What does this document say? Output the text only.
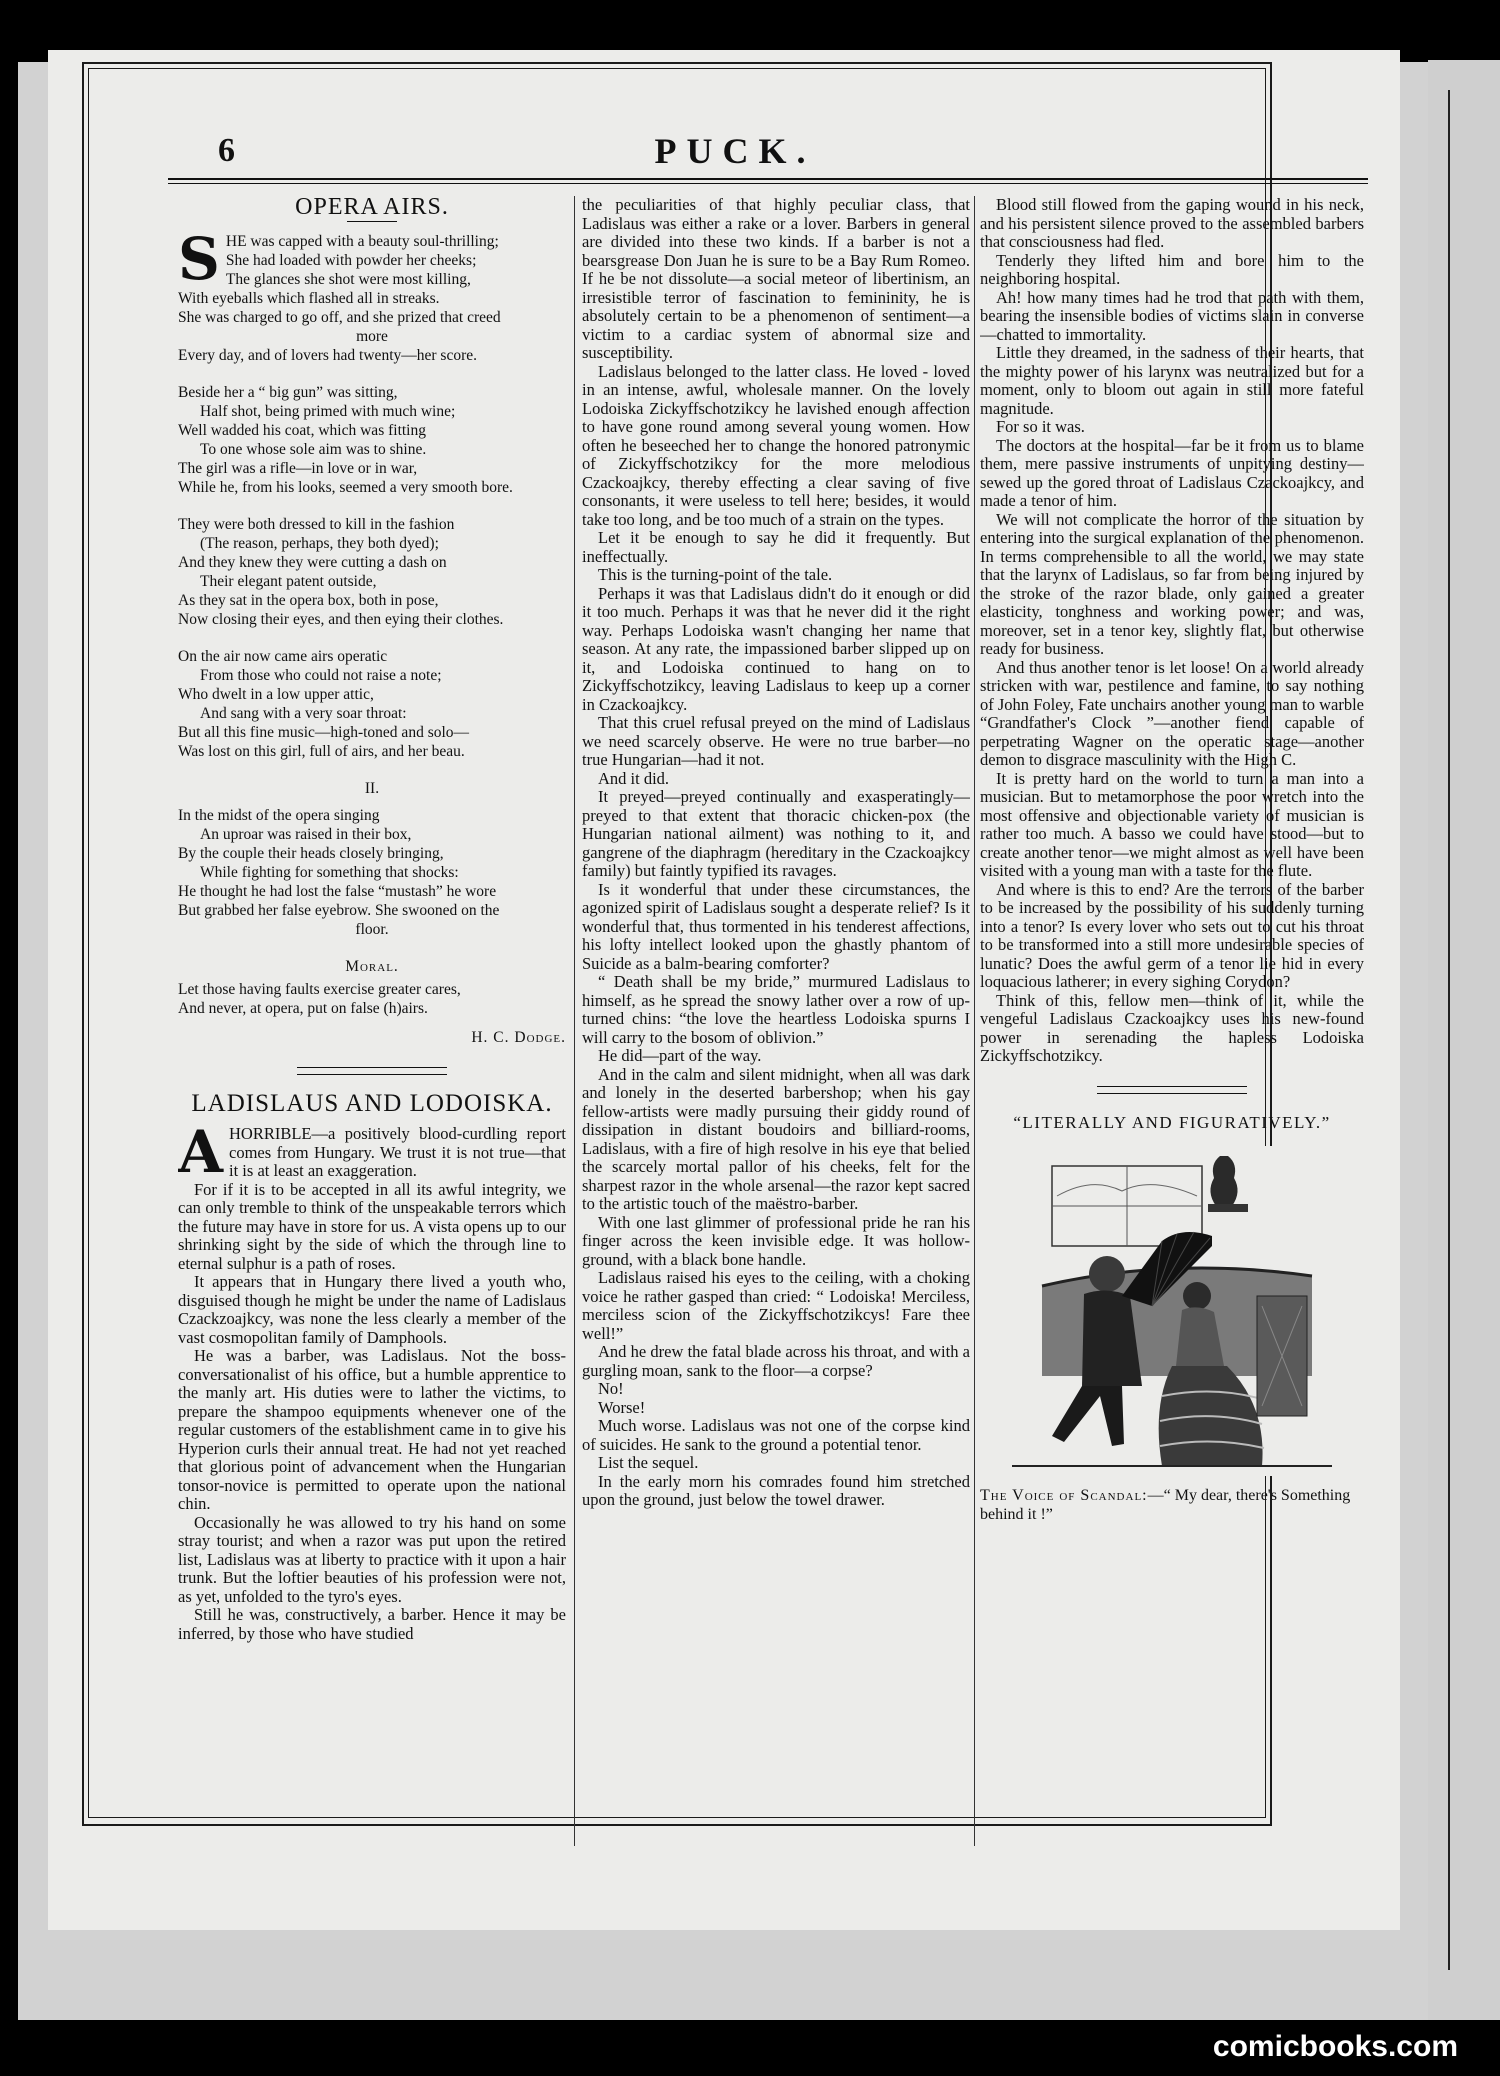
6	PUCK.
OPERA AIRS.
S HE was capped with a beauty soul-thrilling;
She had loaded with powder her cheeks;
The glances she shot were most killing,
With eyeballs which flashed all in streaks.
She was charged to go off, and she prized that creed
more
Every day, and of lovers had twenty—her score.
Beside her a “ big gun” was sitting,
Half shot, being primed with much wine;
Well wadded his coat, which was fitting
To one whose sole aim was to shine.
The girl was a rifle—in love or in war,
While he, from his looks, seemed a very smooth bore.
They were both dressed to kill in the fashion
(The reason, perhaps, they both dyed);
And they knew they were cutting a dash on
Their elegant patent outside,
As they sat in the opera box, both in pose,
Now closing their eyes, and then eying their clothes.
On the air now came airs operatic
From those who could not raise a note;
Who dwelt in a low upper attic,
And sang with a very soar throat:
But all this fine music—high-toned and solo—
Was lost on this girl, full of airs, and her beau.
II.
In the midst of the opera singing
An uproar was raised in their box,
By the couple their heads closely bringing,
While fighting for something that shocks:
He thought he had lost the false “mustash” he wore
But grabbed her false eyebrow. She swooned on the
floor.
Moral.
Let those having faults exercise greater cares,
And never, at opera, put on false (h)airs.
H. C. Dodge.
LADISLAUS AND LODOISKA.

AHORRIBLE—a positively blood-curdling report comes from Hungary. We trust it is not true—that it is at least an exaggeration.

For if it is to be accepted in all its awful integrity, we can only tremble to think of the unspeakable terrors which the future may have in store for us. A vista opens up to our shrinking sight by the side of which the through line to eternal sulphur is a path of roses.

It appears that in Hungary there lived a youth who, disguised though he might be under the name of Ladislaus Czackzoajkcy, was none the less clearly a member of the vast cosmopolitan family of Damphools.

He was a barber, was Ladislaus. Not the boss-conversationalist of his office, but a humble apprentice to the manly art. His duties were to lather the victims, to prepare the shampoo equipments whenever one of the regular customers of the establishment came in to give his Hyperion curls their annual treat. He had not yet reached that glorious point of advancement when the Hungarian tonsor-novice is permitted to operate upon the national chin.

Occasionally he was allowed to try his hand on some stray tourist; and when a razor was put upon the retired list, Ladislaus was at liberty to practice with it upon a hair trunk. But the loftier beauties of his profession were not, as yet, unfolded to the tyro's eyes.

Still he was, constructively, a barber. Hence it may be inferred, by those who have studied

the peculiarities of that highly peculiar class, that Ladislaus was either a rake or a lover. Barbers in general are divided into these two kinds. If a barber is not a bearsgrease Don Juan he is sure to be a Bay Rum Romeo. If he be not dissolute—a social meteor of libertinism, an irresistible terror of fascination to femininity, he is absolutely certain to be a phenomenon of sentiment—a victim to a cardiac system of abnormal size and susceptibility.

Ladislaus belonged to the latter class. He loved - loved in an intense, awful, wholesale manner. On the lovely Lodoiska Zickyffschotzikcy he lavished enough affection to have gone round among several young women. How often he beseeched her to change the honored patronymic of Zickyffschotzikcy for the more melodious Czackoajkcy, thereby effecting a clear saving of five consonants, it were useless to tell here; besides, it would take too long, and be too much of a strain on the types.

Let it be enough to say he did it frequently. But ineffectually.

This is the turning-point of the tale.

Perhaps it was that Ladislaus didn't do it enough or did it too much. Perhaps it was that he never did it the right way. Perhaps Lodoiska wasn't changing her name that season. At any rate, the impassioned barber slipped up on it, and Lodoiska continued to hang on to Zickyffschotzikcy, leaving Ladislaus to keep up a corner in Czackoajkcy.

That this cruel refusal preyed on the mind of Ladislaus we need scarcely observe. He were no true barber—no true Hungarian—had it not.

And it did.

It preyed—preyed continually and exasperatingly—preyed to that extent that thoracic chicken-pox (the Hungarian national ailment) was nothing to it, and gangrene of the diaphragm (hereditary in the Czackoajkcy family) but faintly typified its ravages.

Is it wonderful that under these circumstances, the agonized spirit of Ladislaus sought a desperate relief? Is it wonderful that, thus tormented in his tenderest affections, his lofty intellect looked upon the ghastly phantom of Suicide as a balm-bearing comforter?

“ Death shall be my bride,” murmured Ladislaus to himself, as he spread the snowy lather over a row of up-turned chins: “the love the heartless Lodoiska spurns I will carry to the bosom of oblivion.”

He did—part of the way.

And in the calm and silent midnight, when all was dark and lonely in the deserted barbershop; when his gay fellow-artists were madly pursuing their giddy round of dissipation in distant boudoirs and billiard-rooms, Ladislaus, with a fire of high resolve in his eye that belied the scarcely mortal pallor of his cheeks, felt for the sharpest razor in the whole arsenal—the razor kept sacred to the artistic touch of the maëstro-barber.

With one last glimmer of professional pride he ran his finger across the keen invisible edge. It was hollow-ground, with a black bone handle.

Ladislaus raised his eyes to the ceiling, with a choking voice he rather gasped than cried: “ Lodoiska! Merciless, merciless scion of the Zickyffschotzikcys! Fare thee well!”

And he drew the fatal blade across his throat, and with a gurgling moan, sank to the floor—a corpse?

No!

Worse!

Much worse. Ladislaus was not one of the corpse kind of suicides. He sank to the ground a potential tenor.

List the sequel.

In the early morn his comrades found him stretched upon the ground, just below the towel drawer.

Blood still flowed from the gaping wound in his neck, and his persistent silence proved to the assembled barbers that consciousness had fled.

Tenderly they lifted him and bore him to the neighboring hospital.

Ah! how many times had he trod that path with them, bearing the insensible bodies of victims slain in converse—chatted to immortality.

Little they dreamed, in the sadness of their hearts, that the mighty power of his larynx was neutralized but for a moment, only to bloom out again in still more fateful magnitude.

For so it was.

The doctors at the hospital—far be it from us to blame them, mere passive instruments of unpitying destiny—sewed up the gored throat of Ladislaus Czackoajkcy, and made a tenor of him.

We will not complicate the horror of the situation by entering into the surgical explanation of the phenomenon. In terms comprehensible to all the world, we may state that the larynx of Ladislaus, so far from being injured by the stroke of the razor blade, only gained a greater elasticity, tonghness and working power; and was, moreover, set in a tenor key, slightly flat, but otherwise ready for business.

And thus another tenor is let loose! On a world already stricken with war, pestilence and famine, to say nothing of John Foley, Fate unchairs another young man to warble “Grandfather's Clock ”—another fiend capable of perpetrating Wagner on the operatic stage—another demon to disgrace masculinity with the High C.

It is pretty hard on the world to turn a man into a musician. But to metamorphose the poor wretch into the most offensive and objectionable variety of musician is rather too much. A basso we could have stood—but to create another tenor—we might almost as well have been visited with a young man with a taste for the flute.

And where is this to end? Are the terrors of the barber to be increased by the possibility of his suddenly turning into a tenor? Is every lover who sets out to cut his throat to be transformed into a still more undesirable species of lunatic? Does the awful germ of a tenor lie hid in every loquacious latherer; in every sighing Corydon?

Think of this, fellow men—think of it, while the vengeful Ladislaus Czackoajkcy uses his new-found power in serenading the hapless Lodoiska Zickyffschotzikcy.

“LITERALLY AND FIGURATIVELY.”
The Voice of Scandal:—“ My dear, there's Something behind it !”
comicbooks.com
